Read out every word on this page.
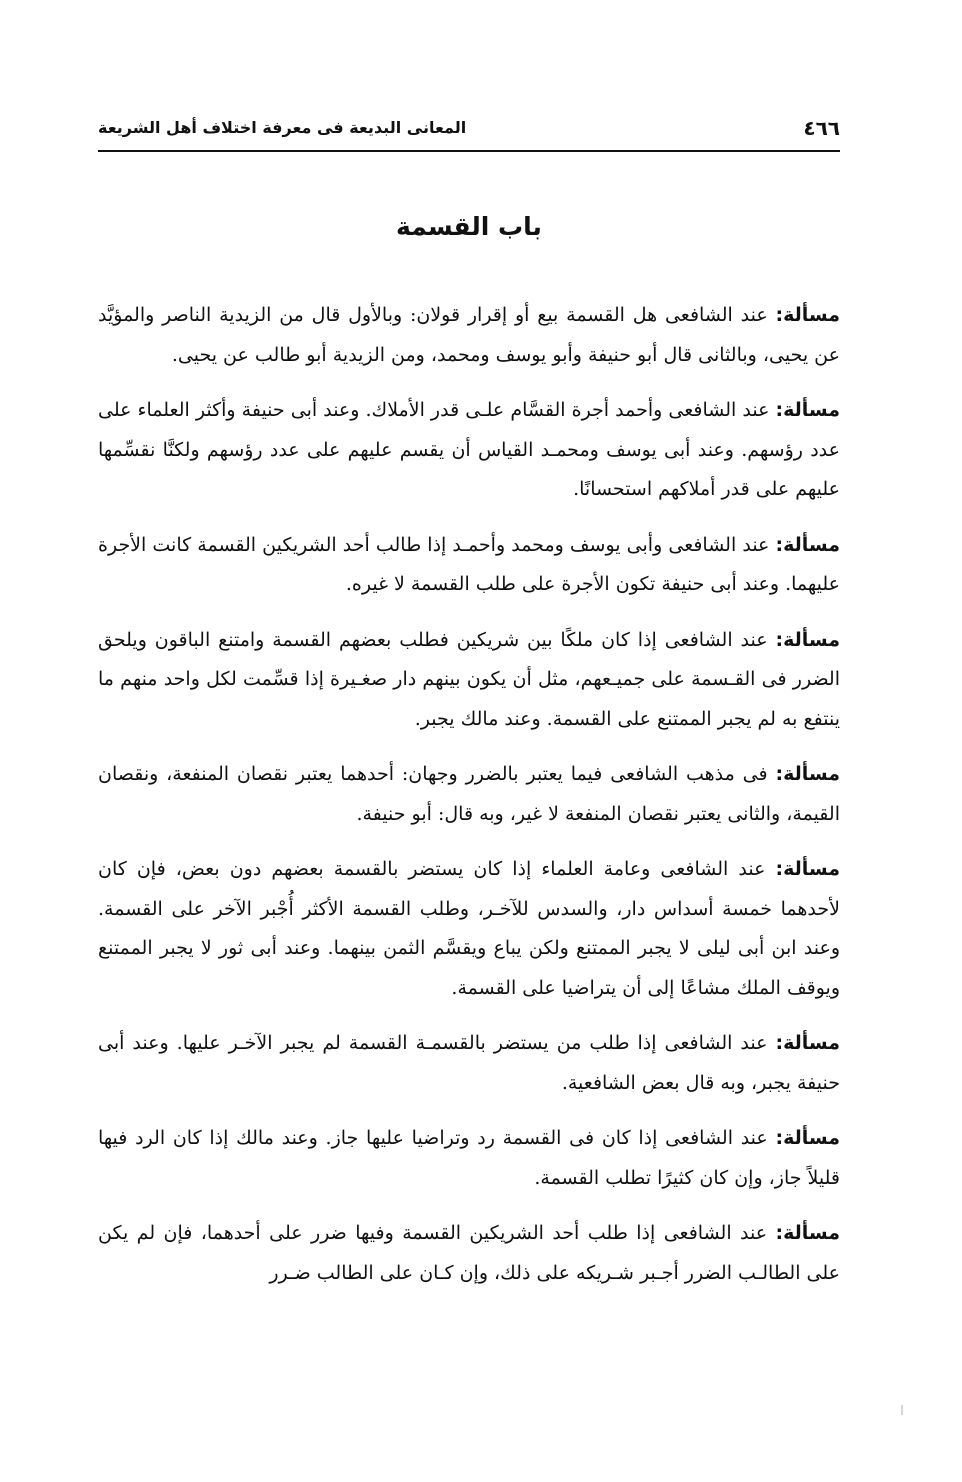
٤٦٦
المعانى البديعة فى معرفة اختلاف أهل الشريعة
باب القسمة

مسألة: عند الشافعى هل القسمة بيع أو إقرار قولان: وبالأول قال من الزيدية الناصر والمؤيَّد عن يحيى، وبالثانى قال أبو حنيفة وأبو يوسف ومحمد، ومن الزيدية أبو طالب عن يحيى.

مسألة: عند الشافعى وأحمد أجرة القسَّام علـى قدر الأملاك. وعند أبى حنيفة وأكثر العلماء على عدد رؤسهم. وعند أبى يوسف ومحمـد القياس أن يقسم عليهم على عدد رؤسهم ولكنَّا نقسِّمها عليهم على قدر أملاكهم استحسانًا.

مسألة: عند الشافعى وأبى يوسف ومحمد وأحمـد إذا طالب أحد الشريكين القسمة كانت الأجرة عليهما. وعند أبى حنيفة تكون الأجرة على طلب القسمة لا غيره.

مسألة: عند الشافعى إذا كان ملكًا بين شريكين فطلب بعضهم القسمة وامتنع الباقون ويلحق الضرر فى القـسمة على جميـعهم، مثل أن يكون بينهم دار صغـيرة إذا قسِّمت لكل واحد منهم ما ينتفع به لم يجبر الممتنع على القسمة. وعند مالك يجبر.

مسألة: فى مذهب الشافعى فيما يعتبر بالضرر وجهان: أحدهما يعتبر نقصان المنفعة، ونقصان القيمة، والثانى يعتبر نقصان المنفعة لا غير، وبه قال: أبو حنيفة.

مسألة: عند الشافعى وعامة العلماء إذا كان يستضر بالقسمة بعضهم دون بعض، فإن كان لأحدهما خمسة أسداس دار، والسدس للآخـر، وطلب القسمة الأكثر أُجْبر الآخر على القسمة. وعند ابن أبى ليلى لا يجبر الممتنع ولكن يباع ويقسَّم الثمن بينهما. وعند أبى ثور لا يجبر الممتنع ويوقف الملك مشاعًا إلى أن يتراضيا على القسمة.

مسألة: عند الشافعى إذا طلب من يستضر بالقسمـة القسمة لم يجبر الآخـر عليها. وعند أبى حنيفة يجبر، وبه قال بعض الشافعية.

مسألة: عند الشافعى إذا كان فى القسمة رد وتراضيا عليها جاز. وعند مالك إذا كان الرد فيها قليلاً جاز، وإن كان كثيرًا تطلب القسمة.

مسألة: عند الشافعى إذا طلب أحد الشريكين القسمة وفيها ضرر على أحدهما، فإن لم يكن على الطالـب الضرر أجـبر شـريكه على ذلك، وإن كـان على الطالب ضـرر
